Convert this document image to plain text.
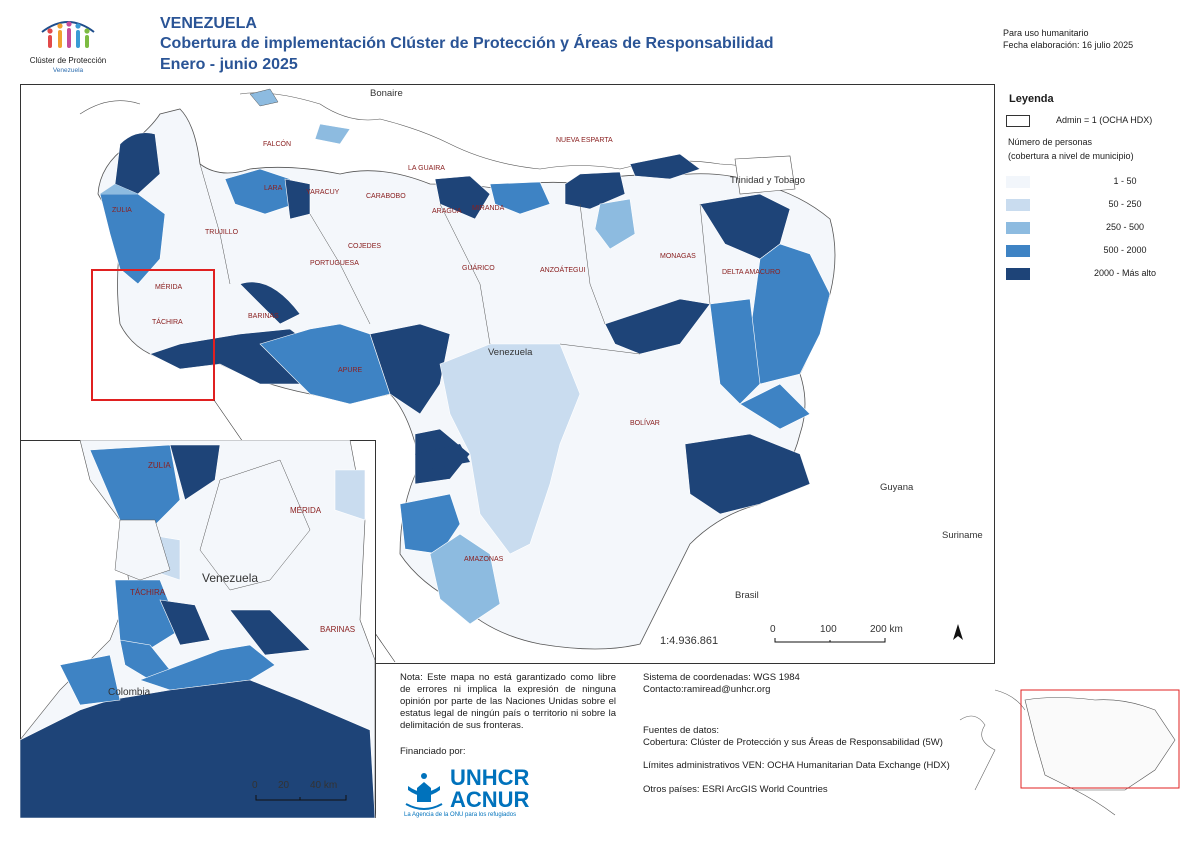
Clúster de Protección
Venezuela
VENEZUELA
Cobertura de implementación Clúster de Protección y Áreas de Responsabilidad
Enero - junio 2025
Para uso humanitario
Fecha elaboración: 16 julio 2025
Bonaire
Trinidad y Tobago
Venezuela
Guyana
Suriname
Brasil
FALCÓN
ZULIA
LARA
YARACUY
TRUJILLO
MÉRIDA
TÁCHIRA
BARINAS
PORTUGUESA
COJEDES
CARABOBO
ARAGUA
LA GUAIRA
MIRANDA
GUÁRICO	ANZOÁTEGUI
MONAGAS
NUEVA ESPARTA
DELTA AMACURO
APURE
BOLÍVAR
AMAZONAS
1:4.936.861
0	100	200 km
ZULIA
MÉRIDA
Venezuela
TÁCHIRA
BARINAS
Colombia
0 20 40 km
Leyenda
Admin = 1 (OCHA HDX)
Número de personas
(cobertura a nivel de municipio)
1 - 50
50 - 250
250 - 500
500 - 2000
2000 - Más alto
Nota: Este mapa no está garantizado como libre de errores ni implica la expresión de ninguna opinión por parte de las Naciones Unidas sobre el estatus legal de ningún país o territorio ni sobre la delimitación de sus fronteras.
Financiado por:
UNHCR
ACNUR
La Agencia de la ONU para los refugiados
Sistema de coordenadas: WGS 1984
Contacto:ramiread@unhcr.org
Fuentes de datos:
Cobertura: Clúster de Protección y sus Áreas de Responsabilidad (5W)
Límites administrativos VEN: OCHA Humanitarian Data Exchange (HDX)
Otros países: ESRI ArcGIS World Countries
